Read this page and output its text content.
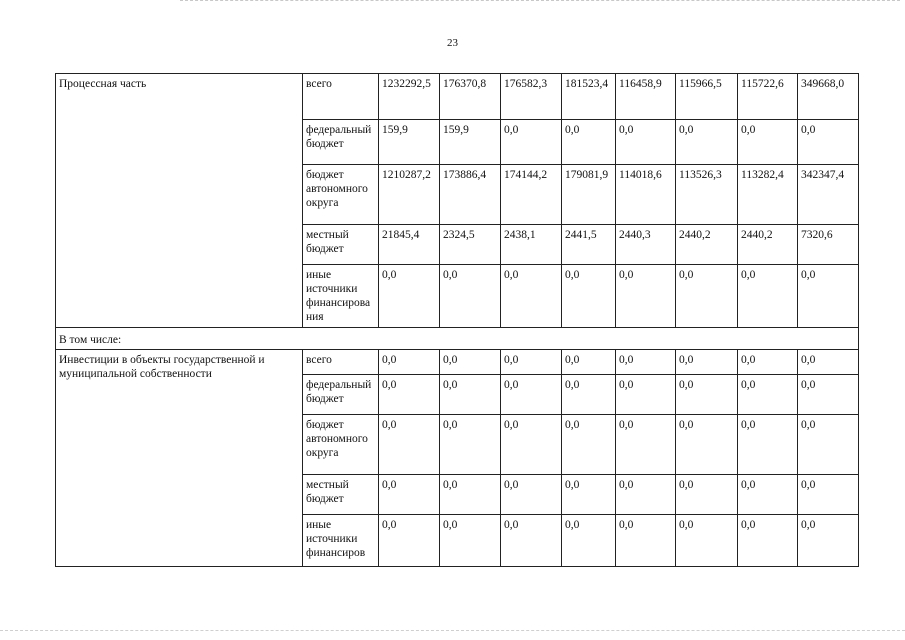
23
Процессная часть	всего	1232292,5	176370,8	176582,3	181523,4	116458,9	115966,5	115722,6	349668,0
	федеральный бюджет	159,9	159,9	0,0	0,0	0,0	0,0	0,0	0,0
	бюджет автономного округа	1210287,2	173886,4	174144,2	179081,9	114018,6	113526,3	113282,4	342347,4
	местный бюджет	21845,4	2324,5	2438,1	2441,5	2440,3	2440,2	2440,2	7320,6
	иные источники финансирования	0,0	0,0	0,0	0,0	0,0	0,0	0,0	0,0
В том числе:									
Инвестиции в объекты государственной и муниципальной собственности	всего	0,0	0,0	0,0	0,0	0,0	0,0	0,0	0,0
	федеральный бюджет	0,0	0,0	0,0	0,0	0,0	0,0	0,0	0,0
	бюджет автономного округа	0,0	0,0	0,0	0,0	0,0	0,0	0,0	0,0
	местный бюджет	0,0	0,0	0,0	0,0	0,0	0,0	0,0	0,0
	иные источники финансиров	0,0	0,0	0,0	0,0	0,0	0,0	0,0	0,0
